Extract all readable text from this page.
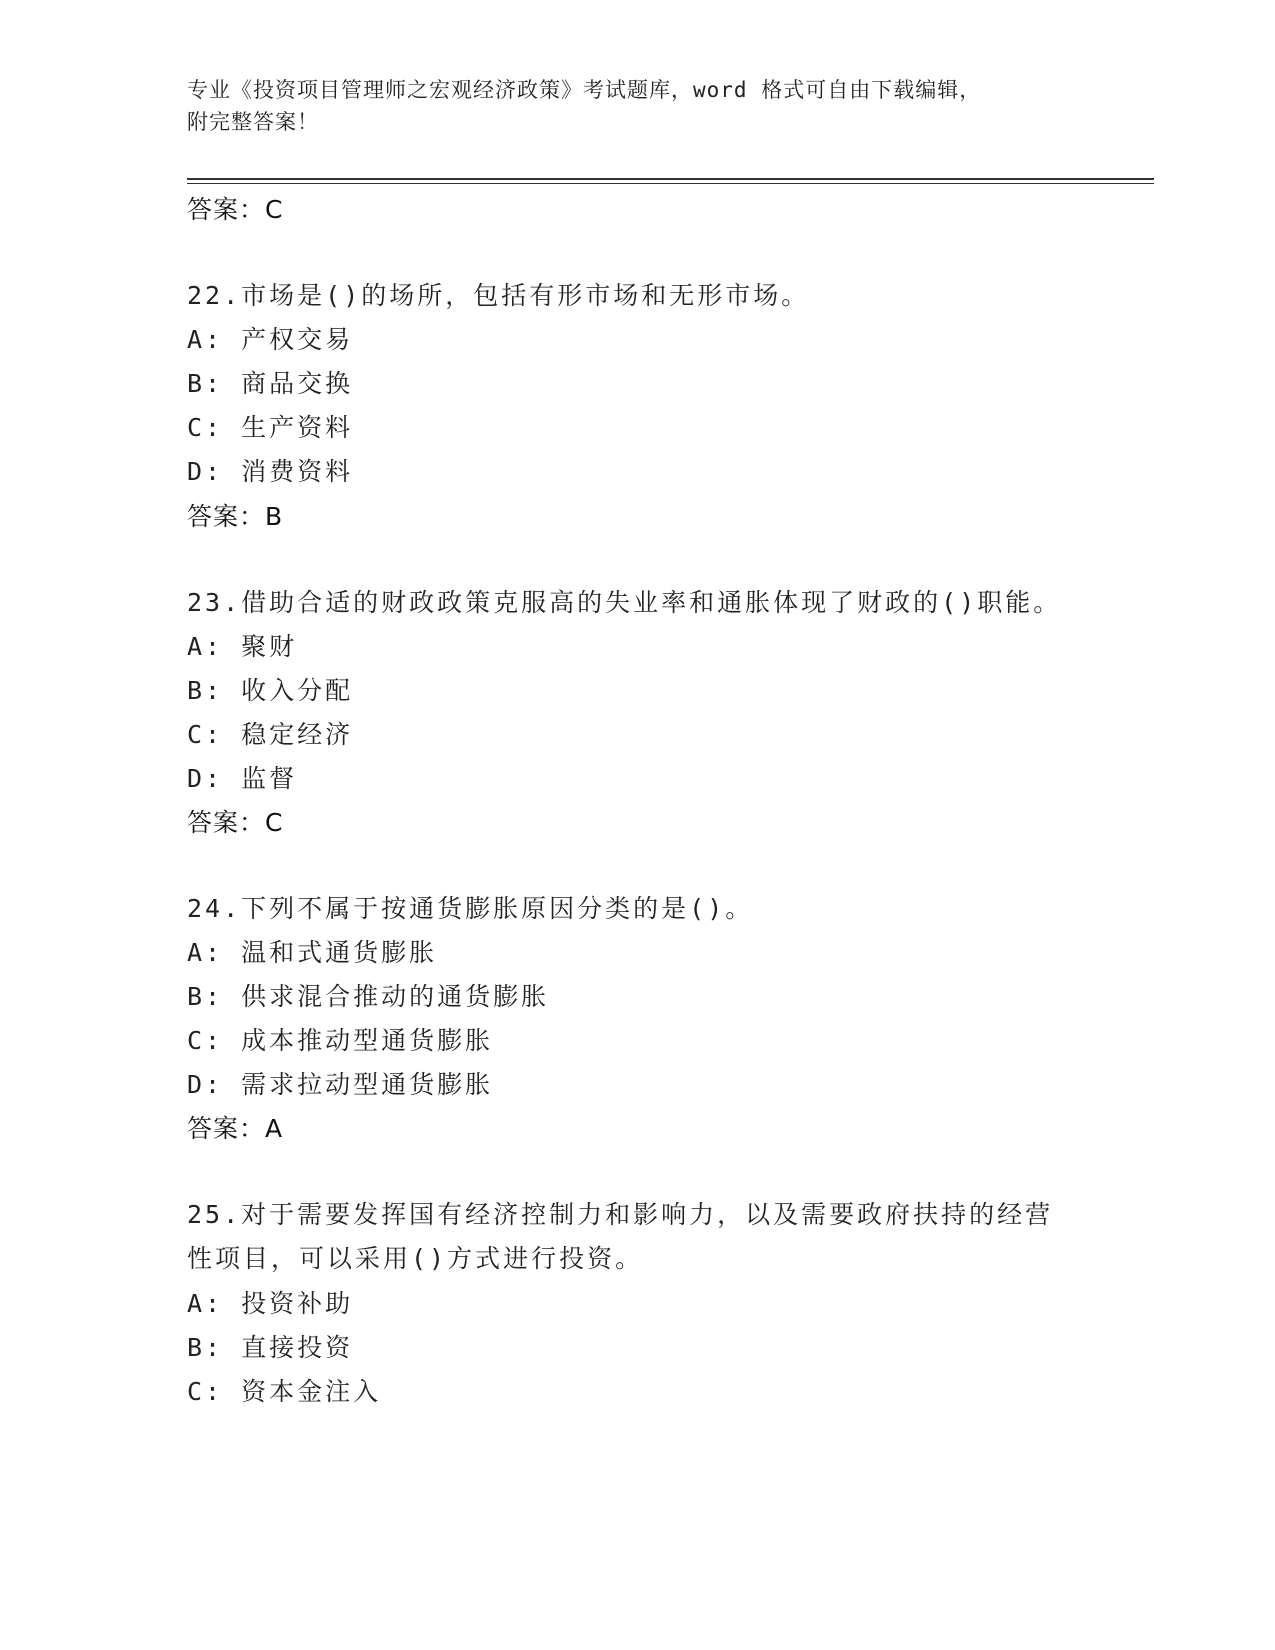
专业《投资项目管理师之宏观经济政策》考试题库，word 格式可自由下载编辑，
附完整答案！
答案：C
22.市场是()的场所，包括有形市场和无形市场。
A: 产权交易
B: 商品交换
C: 生产资料
D: 消费资料
答案：B
23.借助合适的财政政策克服高的失业率和通胀体现了财政的()职能。
A: 聚财
B: 收入分配
C: 稳定经济
D: 监督
答案：C
24.下列不属于按通货膨胀原因分类的是()。
A: 温和式通货膨胀
B: 供求混合推动的通货膨胀
C: 成本推动型通货膨胀
D: 需求拉动型通货膨胀
答案：A
25.对于需要发挥国有经济控制力和影响力，以及需要政府扶持的经营
性项目，可以采用()方式进行投资。
A: 投资补助
B: 直接投资
C: 资本金注入
